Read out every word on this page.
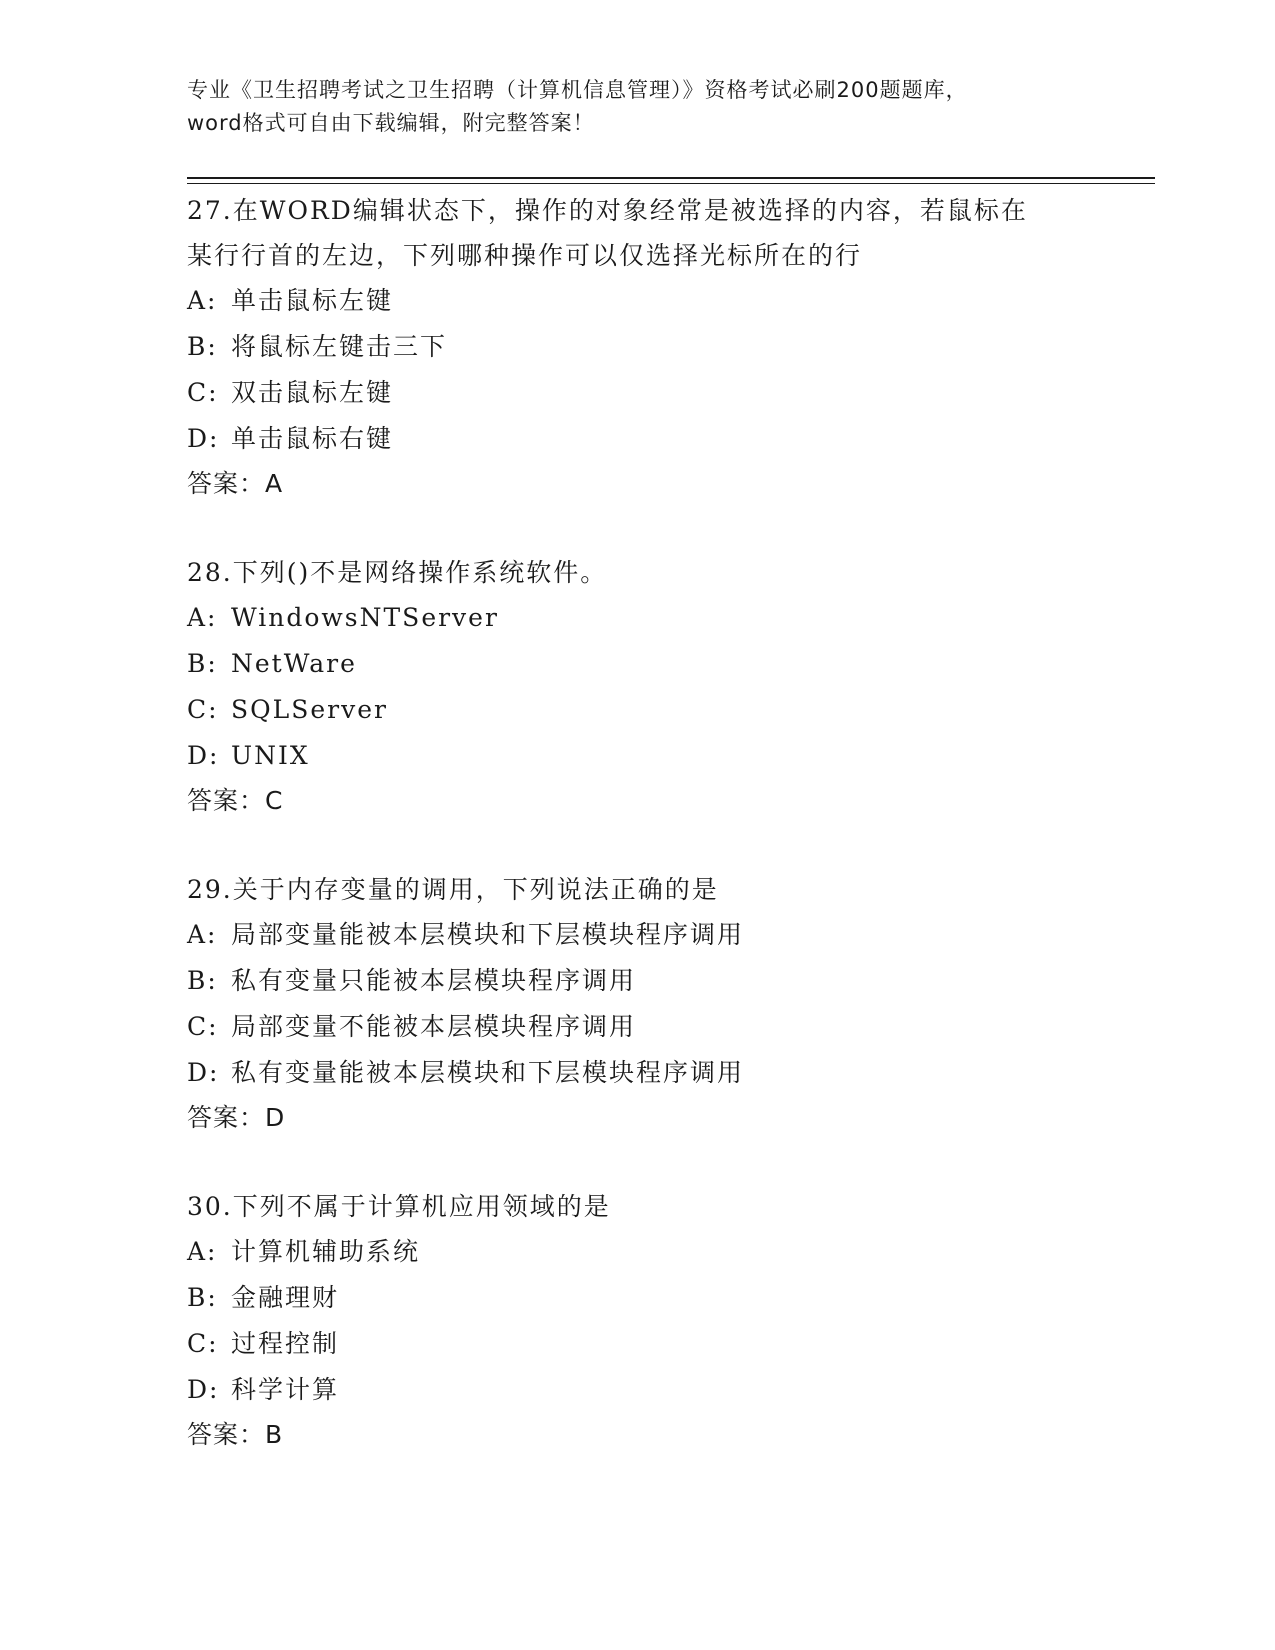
专业《卫生招聘考试之卫生招聘（计算机信息管理）》资格考试必刷200题题库，
word格式可自由下载编辑，附完整答案！
27.在WORD编辑状态下，操作的对象经常是被选择的内容，若鼠标在
某行行首的左边，下列哪种操作可以仅选择光标所在的行
A: 单击鼠标左键
B: 将鼠标左键击三下
C: 双击鼠标左键
D: 单击鼠标右键
答案：A
28.下列()不是网络操作系统软件。
A: WindowsNTServer
B: NetWare
C: SQLServer
D: UNIX
答案：C
29.关于内存变量的调用，下列说法正确的是
A: 局部变量能被本层模块和下层模块程序调用
B: 私有变量只能被本层模块程序调用
C: 局部变量不能被本层模块程序调用
D: 私有变量能被本层模块和下层模块程序调用
答案：D
30.下列不属于计算机应用领域的是
A: 计算机辅助系统
B: 金融理财
C: 过程控制
D: 科学计算
答案：B
